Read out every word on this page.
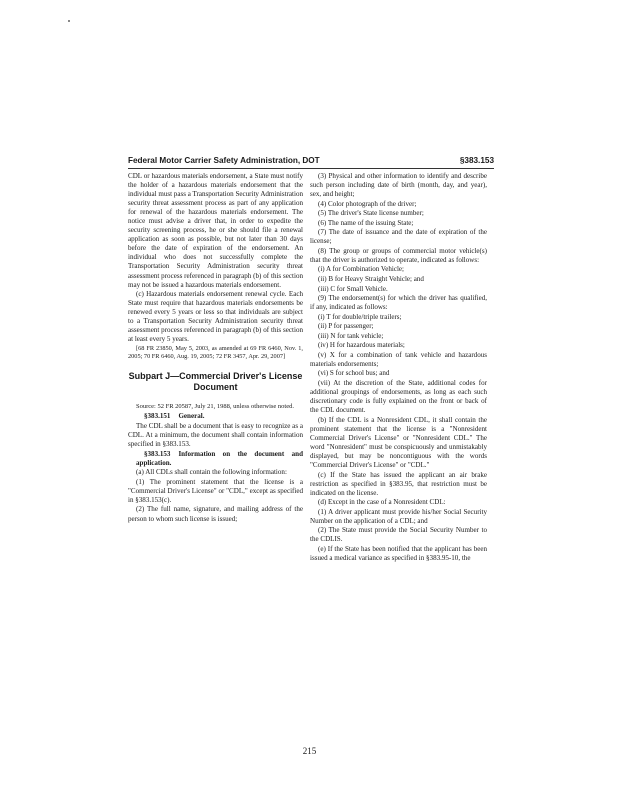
Federal Motor Carrier Safety Administration, DOT	§383.153

CDL or hazardous materials endorsement, a State must notify the holder of a hazardous materials endorsement that the individual must pass a Transportation Security Administration security threat assessment process as part of any application for renewal of the hazardous materials endorsement. The notice must advise a driver that, in order to expedite the security screening process, he or she should file a renewal application as soon as possible, but not later than 30 days before the date of expiration of the endorsement. An individual who does not successfully complete the Transportation Security Administration security threat assessment process referenced in paragraph (b) of this section may not be issued a hazardous materials endorsement.

(c) Hazardous materials endorsement renewal cycle. Each State must require that hazardous materials endorsements be renewed every 5 years or less so that individuals are subject to a Transportation Security Administration security threat assessment process referenced in paragraph (b) of this section at least every 5 years.

[68 FR 23850, May 5, 2003, as amended at 69 FR 6460, Nov. 1, 2005; 70 FR 6460, Aug. 19, 2005; 72 FR 3457, Apr. 29, 2007]

Subpart J—Commercial Driver's License Document

Source: 52 FR 20587, July 21, 1988, unless otherwise noted.

§383.151 General.

The CDL shall be a document that is easy to recognize as a CDL. At a minimum, the document shall contain information specified in §383.153.

§383.153 Information on the document and application.

(a) All CDLs shall contain the following information:

(1) The prominent statement that the license is a "Commercial Driver's License" or "CDL," except as specified in §383.153(c).

(2) The full name, signature, and mailing address of the person to whom such license is issued;

(3) Physical and other information to identify and describe such person including date of birth (month, day, and year), sex, and height;

(4) Color photograph of the driver;

(5) The driver's State license number;

(6) The name of the issuing State;

(7) The date of issuance and the date of expiration of the license;

(8) The group or groups of commercial motor vehicle(s) that the driver is authorized to operate, indicated as follows:

(i) A for Combination Vehicle;

(ii) B for Heavy Straight Vehicle; and

(iii) C for Small Vehicle.

(9) The endorsement(s) for which the driver has qualified, if any, indicated as follows:

(i) T for double/triple trailers;

(ii) P for passenger;

(iii) N for tank vehicle;

(iv) H for hazardous materials;

(v) X for a combination of tank vehicle and hazardous materials endorsements;

(vi) S for school bus; and

(vii) At the discretion of the State, additional codes for additional groupings of endorsements, as long as each such discretionary code is fully explained on the front or back of the CDL document.

(b) If the CDL is a Nonresident CDL, it shall contain the prominent statement that the license is a "Nonresident Commercial Driver's License" or "Nonresident CDL." The word "Nonresident" must be conspicuously and unmistakably displayed, but may be noncontiguous with the words "Commercial Driver's License" or "CDL."

(c) If the State has issued the applicant an air brake restriction as specified in §383.95, that restriction must be indicated on the license.

(d) Except in the case of a Nonresident CDL:

(1) A driver applicant must provide his/her Social Security Number on the application of a CDL; and

(2) The State must provide the Social Security Number to the CDLIS.

(e) If the State has been notified that the applicant has been issued a medical variance as specified in §383.95-10, the

215
